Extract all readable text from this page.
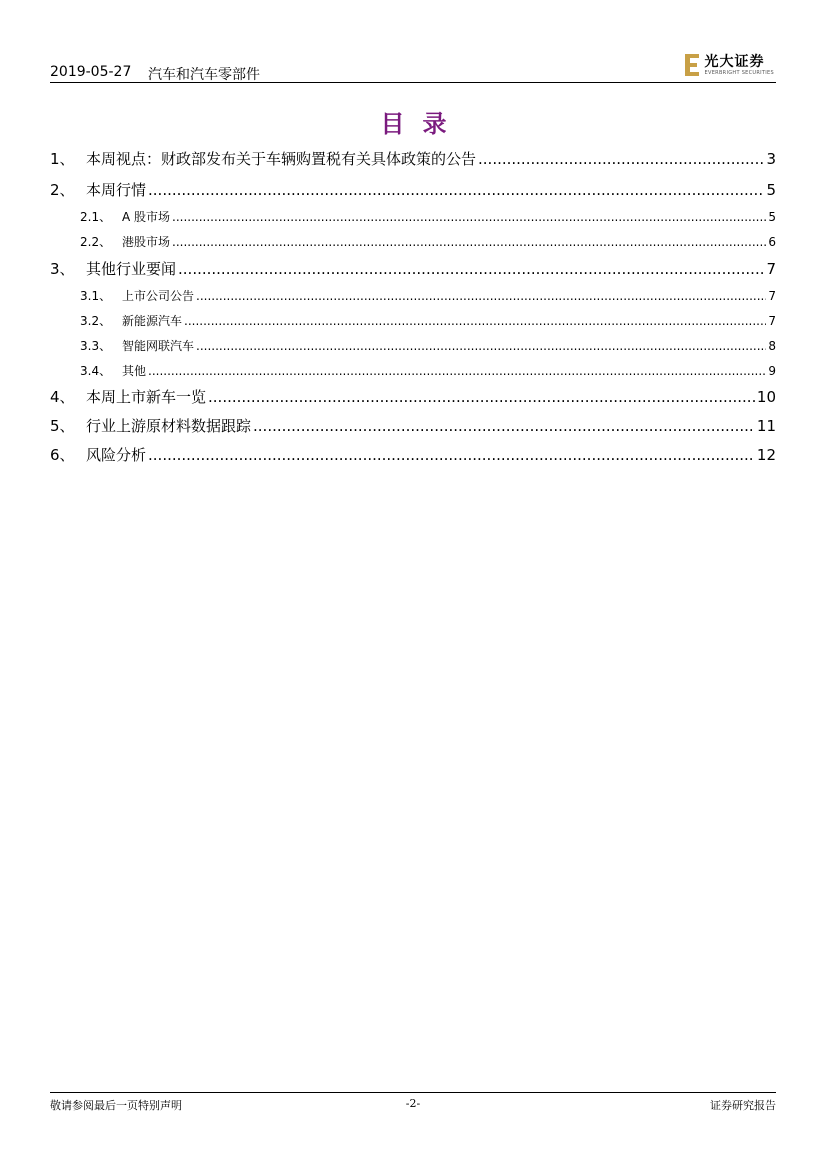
2019-05-27 汽车和汽车零部件
光大证券
EVERBRIGHT SECURITIES
目录
1、 本周视点：财政部发布关于车辆购置税有关具体政策的公告 .....	3
2、 本周行情 .....	5
2.1、 A 股市场 .....	5
2.2、 港股市场 .....	6
3、 其他行业要闻 .....	7
3.1、 上市公司公告 .....	7
3.2、 新能源汽车 .....	7
3.3、 智能网联汽车 .....	8
3.4、 其他 .....	9
4、 本周上市新车一览 .....	10
5、 行业上游原材料数据跟踪 .....	11
6、 风险分析 .....	12
敬请参阅最后一页特别声明	-2-	证券研究报告
